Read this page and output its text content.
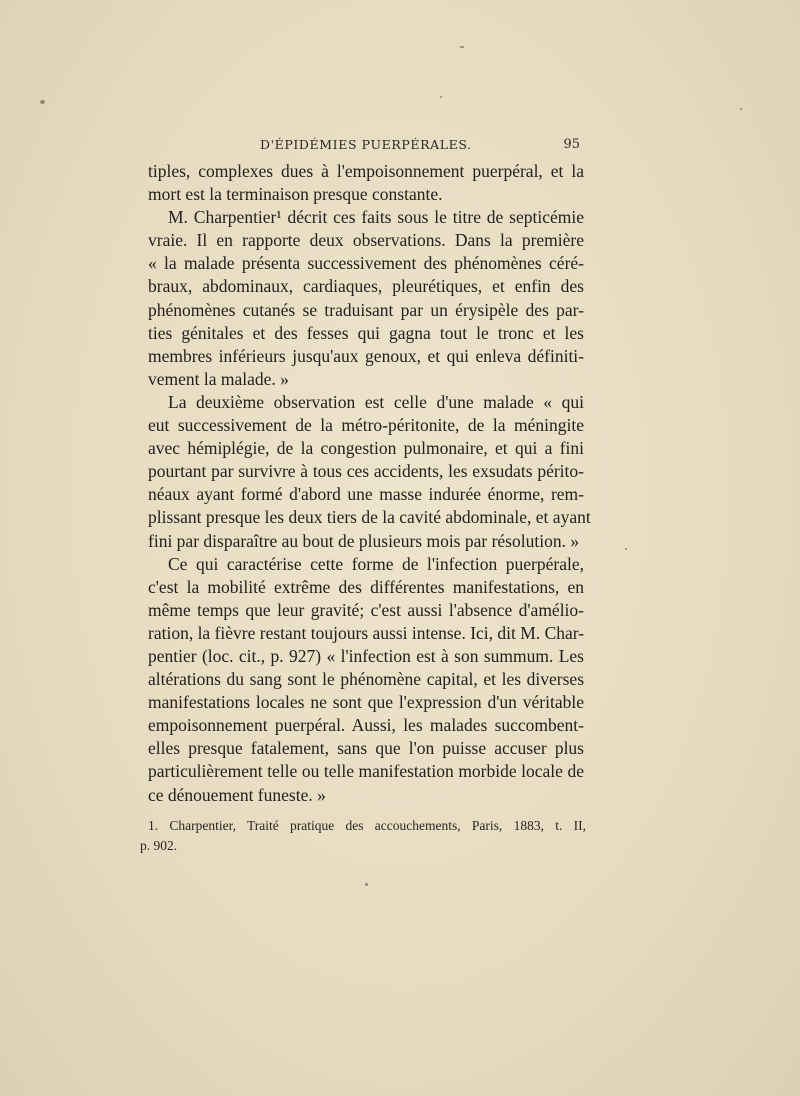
D'ÉPIDÉMIES PUERPÉRALES.	95
tiples, complexes dues à l'empoisonnement puerpéral, et la
mort est la terminaison presque constante.
M. Charpentier¹ décrit ces faits sous le titre de septicémie
vraie. Il en rapporte deux observations. Dans la première
« la malade présenta successivement des phénomènes céré-
braux, abdominaux, cardiaques, pleurétiques, et enfin des
phénomènes cutanés se traduisant par un érysipèle des par-
ties génitales et des fesses qui gagna tout le tronc et les
membres inférieurs jusqu'aux genoux, et qui enleva définiti-
vement la malade. »
La deuxième observation est celle d'une malade « qui
eut successivement de la métro-péritonite, de la méningite
avec hémiplégie, de la congestion pulmonaire, et qui a fini
pourtant par survivre à tous ces accidents, les exsudats périto-
néaux ayant formé d'abord une masse indurée énorme, rem-
plissant presque les deux tiers de la cavité abdominale, et ayant
fini par disparaître au bout de plusieurs mois par résolution. »
Ce qui caractérise cette forme de l'infection puerpérale,
c'est la mobilité extrême des différentes manifestations, en
même temps que leur gravité; c'est aussi l'absence d'amélio-
ration, la fièvre restant toujours aussi intense. Ici, dit M. Char-
pentier (loc. cit., p. 927) « l'infection est à son summum. Les
altérations du sang sont le phénomène capital, et les diverses
manifestations locales ne sont que l'expression d'un véritable
empoisonnement puerpéral. Aussi, les malades succombent-
elles presque fatalement, sans que l'on puisse accuser plus
particulièrement telle ou telle manifestation morbide locale de
ce dénouement funeste. »
1. Charpentier, Traité pratique des accouchements, Paris, 1883, t. II,
p. 902.
